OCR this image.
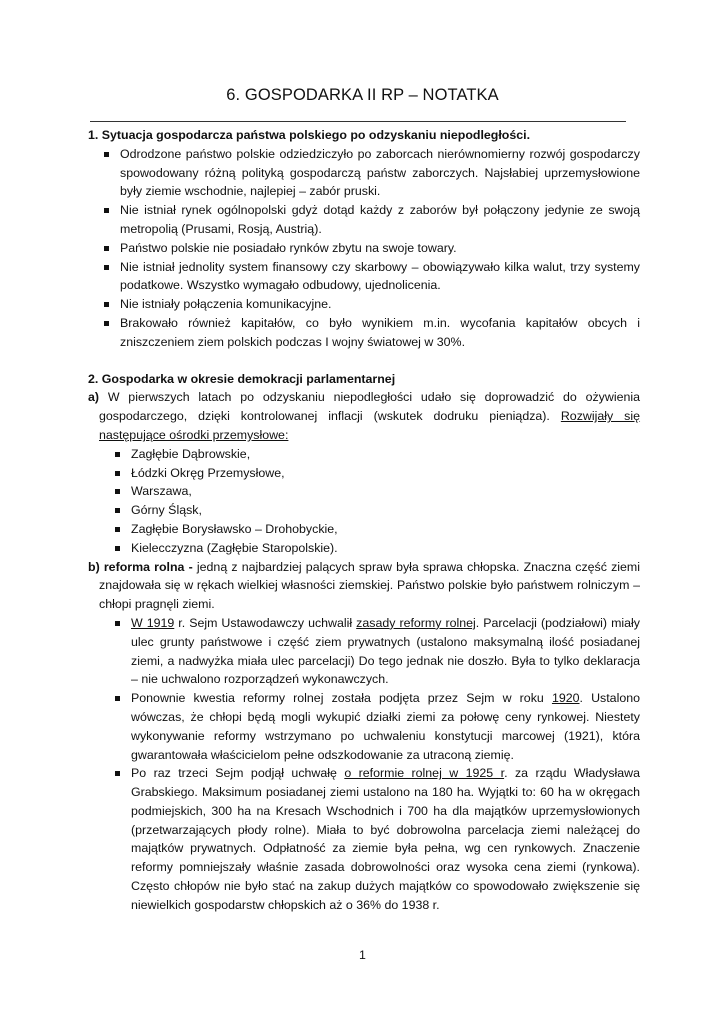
6. GOSPODARKA II RP – NOTATKA

1. Sytuacja gospodarcza państwa polskiego po odzyskaniu niepodległości.

Odrodzone państwo polskie odziedziczyło po zaborcach nierównomierny rozwój gospodarczy spowodowany różną polityką gospodarczą państw zaborczych. Najsłabiej uprzemysłowione były ziemie wschodnie, najlepiej – zabór pruski.
Nie istniał rynek ogólnopolski gdyż dotąd każdy z zaborów był połączony jedynie ze swoją metropolią (Prusami, Rosją, Austrią).
Państwo polskie nie posiadało rynków zbytu na swoje towary.
Nie istniał jednolity system finansowy czy skarbowy – obowiązywało kilka walut, trzy systemy podatkowe. Wszystko wymagało odbudowy, ujednolicenia.
Nie istniały połączenia komunikacyjne.
Brakowało również kapitałów, co było wynikiem m.in. wycofania kapitałów obcych i zniszczeniem ziem polskich podczas I wojny światowej w 30%.

2. Gospodarka w okresie demokracji parlamentarnej

a) W pierwszych latach po odzyskaniu niepodległości udało się doprowadzić do ożywienia gospodarczego, dzięki kontrolowanej inflacji (wskutek dodruku pieniądza). Rozwijały się następujące ośrodki przemysłowe:

Zagłębie Dąbrowskie,
Łódzki Okręg Przemysłowe,
Warszawa,
Górny Śląsk,
Zagłębie Borysławsko – Drohobyckie,
Kielecczyzna (Zagłębie Staropolskie).

b) reforma rolna - jedną z najbardziej palących spraw była sprawa chłopska. Znaczna część ziemi znajdowała się w rękach wielkiej własności ziemskiej. Państwo polskie było państwem rolniczym – chłopi pragnęli ziemi.

W 1919 r. Sejm Ustawodawczy uchwalił zasady reformy rolnej. Parcelacji (podziałowi) miały ulec grunty państwowe i część ziem prywatnych (ustalono maksymalną ilość posiadanej ziemi, a nadwyżka miała ulec parcelacji) Do tego jednak nie doszło. Była to tylko deklaracja – nie uchwalono rozporządzeń wykonawczych.
Ponownie kwestia reformy rolnej została podjęta przez Sejm w roku 1920. Ustalono wówczas, że chłopi będą mogli wykupić działki ziemi za połowę ceny rynkowej. Niestety wykonywanie reformy wstrzymano po uchwaleniu konstytucji marcowej (1921), która gwarantowała właścicielom pełne odszkodowanie za utraconą ziemię.
Po raz trzeci Sejm podjął uchwałę o reformie rolnej w 1925 r. za rządu Władysława Grabskiego. Maksimum posiadanej ziemi ustalono na 180 ha. Wyjątki to: 60 ha w okręgach podmiejskich, 300 ha na Kresach Wschodnich i 700 ha dla majątków uprzemysłowionych (przetwarzających płody rolne). Miała to być dobrowolna parcelacja ziemi należącej do majątków prywatnych. Odpłatność za ziemie była pełna, wg cen rynkowych. Znaczenie reformy pomniejszały właśnie zasada dobrowolności oraz wysoka cena ziemi (rynkowa). Często chłopów nie było stać na zakup dużych majątków co spowodowało zwiększenie się niewielkich gospodarstw chłopskich aż o 36% do 1938 r.
1
